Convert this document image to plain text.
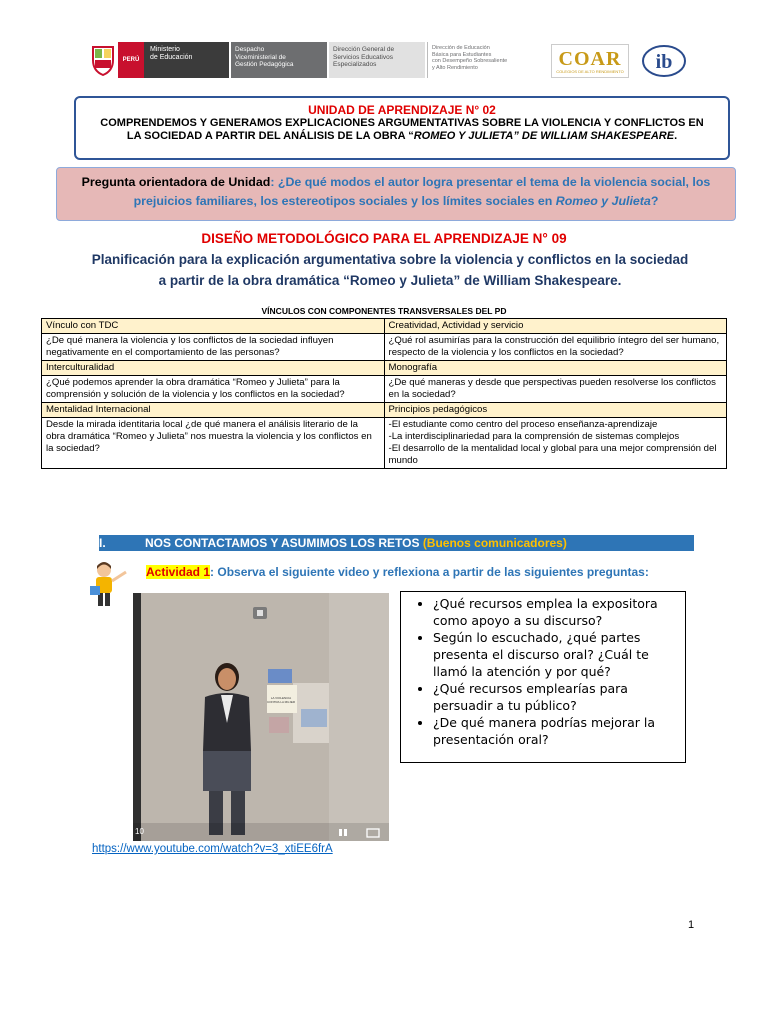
PERÚ
Ministerio
de Educación
Despacho
Viceministerial de
Gestión Pedagógica
Dirección General de
Servicios Educativos
Especializados
Dirección de Educación
Básica para Estudiantes
con Desempeño Sobresaliente
y Alto Rendimiento	COAR
COLEGIOS DE ALTO RENDIMIENTO ib
UNIDAD DE APRENDIZAJE N° 02
COMPRENDEMOS Y GENERAMOS EXPLICACIONES ARGUMENTATIVAS SOBRE LA VIOLENCIA Y CONFLICTOS EN LA SOCIEDAD A PARTIR DEL ANÁLISIS DE LA OBRA “ROMEO Y JULIETA” DE WILLIAM SHAKESPEARE.
Pregunta orientadora de Unidad: ¿De qué modos el autor logra presentar el tema de la violencia social, los prejuicios familiares, los estereotipos sociales y los límites sociales en Romeo y Julieta?
DISEÑO METODOLÓGICO PARA EL APRENDIZAJE N° 09
Planificación para la explicación argumentativa sobre la violencia y conflictos en la sociedad
a partir de la obra dramática “Romeo y Julieta” de William Shakespeare.
VÍNCULOS CON COMPONENTES TRANSVERSALES DEL PD
Vínculo con TDC	Creatividad, Actividad y servicio
¿De qué manera la violencia y los conflictos de la sociedad influyen negativamente en el comportamiento de las personas?	¿Qué rol asumirías para la construcción del equilibrio íntegro del ser humano, respecto de la violencia y los conflictos en la sociedad?
Interculturalidad	Monografía
¿Qué podemos aprender la obra dramática “Romeo y Julieta” para la comprensión y solución de la violencia y los conflictos en la sociedad?	¿De qué maneras y desde que perspectivas pueden resolverse los conflictos en la sociedad?
Mentalidad Internacional	Principios pedagógicos
Desde la mirada identitaria local ¿de qué manera el análisis literario de la obra dramática “Romeo y Julieta” nos muestra la violencia y los conflictos en la sociedad?	-El estudiante como centro del proceso enseñanza-aprendizaje
-La interdisciplinariedad para la comprensión de sistemas complejos
-El desarrollo de la mentalidad local y global para una mejor comprensión del mundo
I.	NOS CONTACTAMOS Y ASUMIMOS LOS RETOS (Buenos comunicadores)
Actividad 1: Observa el siguiente video y reflexiona a partir de las siguientes preguntas:
LA VIOLENCIA CONTRA LA MUJER
10
https://www.youtube.com/watch?v=3_xtiEE6frA
• ¿Qué recursos emplea la expositora como apoyo a su discurso?
• Según lo escuchado, ¿qué partes presenta el discurso oral? ¿Cuál te llamó la atención y por qué?
• ¿Qué recursos emplearías para persuadir a tu público?
• ¿De qué manera podrías mejorar la presentación oral?
1
